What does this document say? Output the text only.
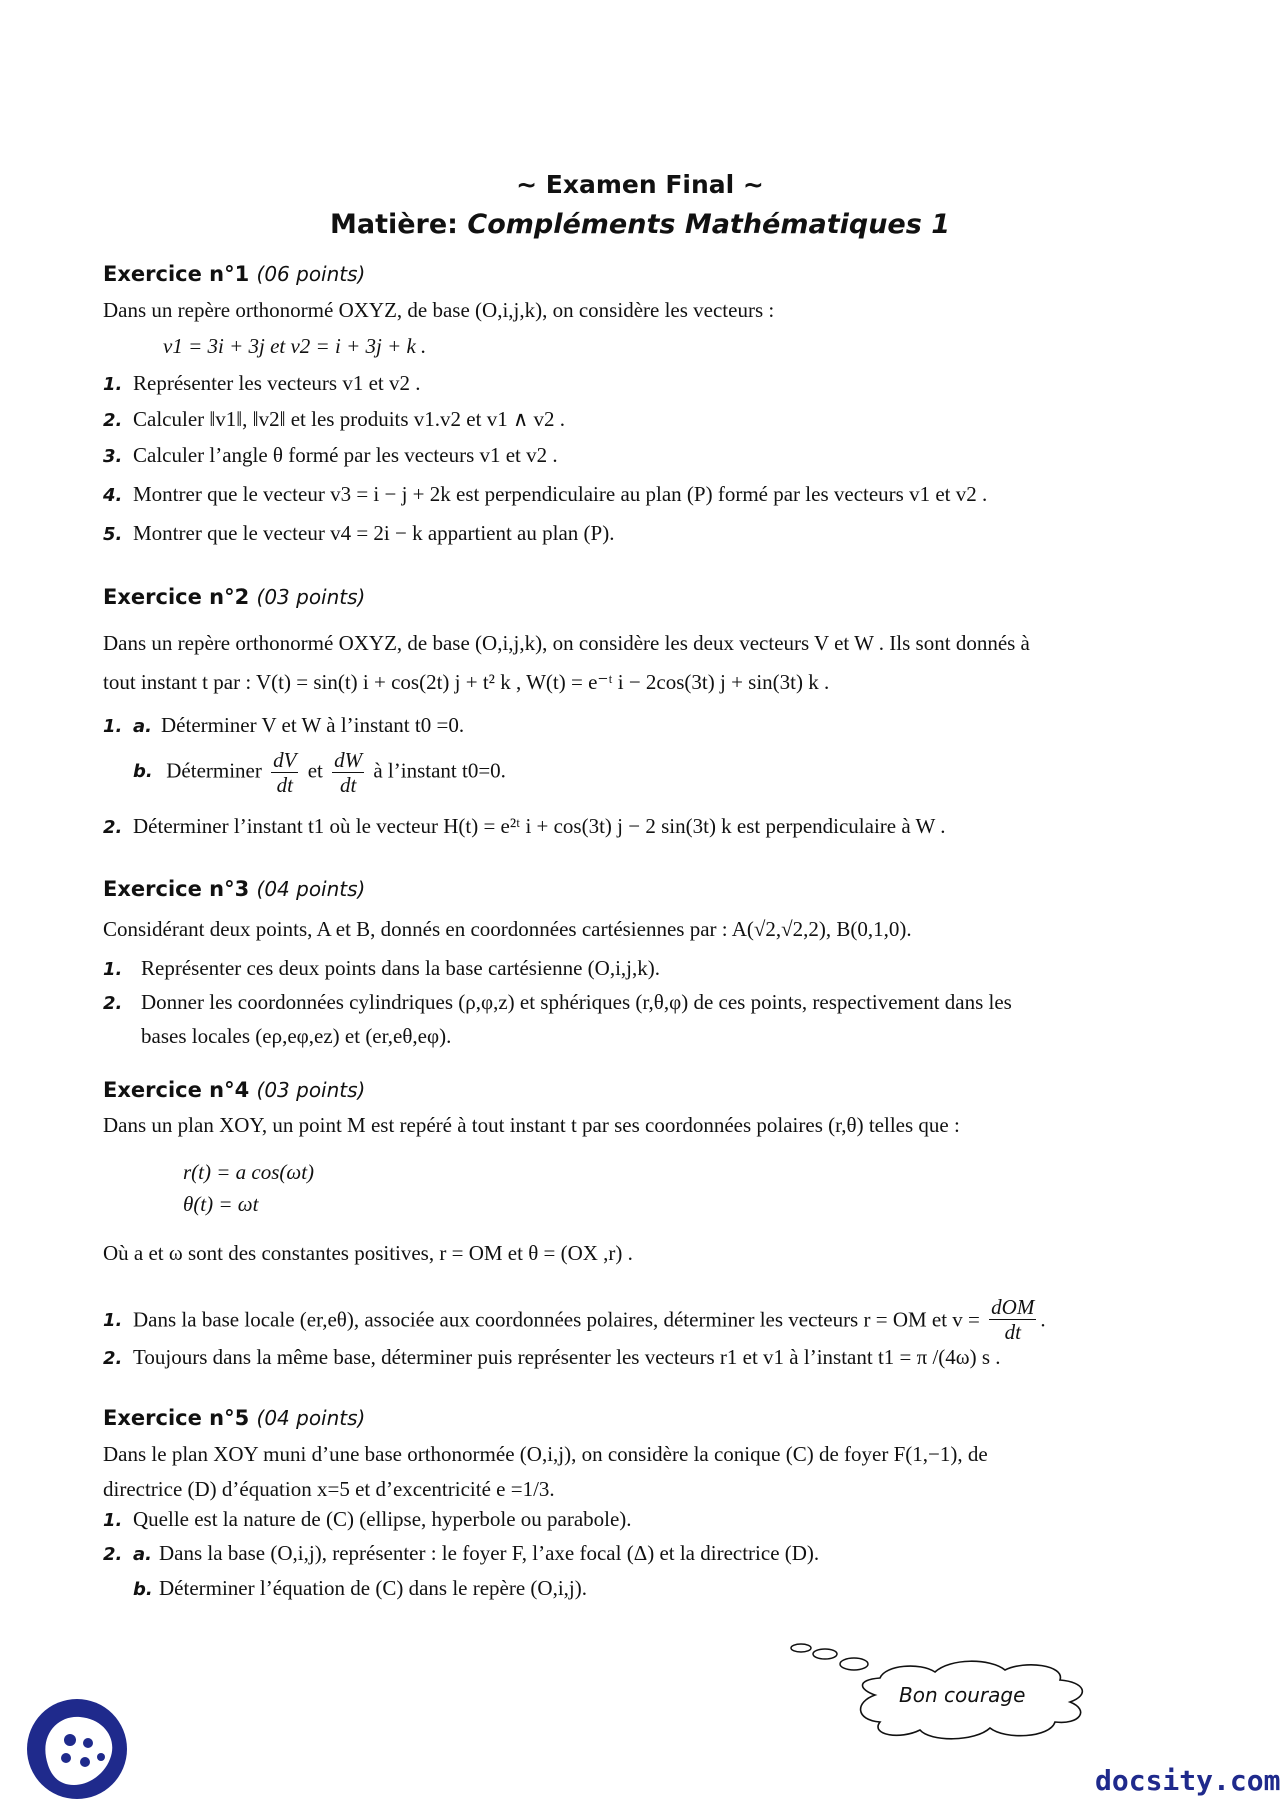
~ Examen Final ~
Matière: Compléments Mathématiques 1
Exercice n°1 (06 points)
Dans un repère orthonormé OXYZ, de base (O,i,j,k), on considère les vecteurs :
v1 = 3i + 3j et v2 = i + 3j + k .
1. Représenter les vecteurs v1 et v2 .
2. Calculer ‖v1‖, ‖v2‖ et les produits v1.v2 et v1 ∧ v2 .
3. Calculer l’angle θ formé par les vecteurs v1 et v2 .
4. Montrer que le vecteur v3 = i − j + 2k est perpendiculaire au plan (P) formé par les vecteurs v1 et v2 .
5. Montrer que le vecteur v4 = 2i − k appartient au plan (P).
Exercice n°2 (03 points)
Dans un repère orthonormé OXYZ, de base (O,i,j,k), on considère les deux vecteurs V et W . Ils sont donnés à
tout instant t par : V(t) = sin(t) i + cos(2t) j + t² k , W(t) = e⁻ᵗ i − 2cos(3t) j + sin(3t) k .
1. a. Déterminer V et W à l’instant t0 =0.
b. Déterminer $\frac{dV}{dt}$ et $\frac{dW}{dt}$ à l’instant t0=0.
2. Déterminer l’instant t1 où le vecteur H(t) = e²ᵗ i + cos(3t) j − 2 sin(3t) k est perpendiculaire à W .
Exercice n°3 (04 points)
Considérant deux points, A et B, donnés en coordonnées cartésiennes par : A(√2,√2,2), B(0,1,0).
1. Représenter ces deux points dans la base cartésienne (O,i,j,k).
2. Donner les coordonnées cylindriques (ρ,φ,z) et sphériques (r,θ,φ) de ces points, respectivement dans les
bases locales (eρ,eφ,ez) et (er,eθ,eφ).
Exercice n°4 (03 points)
Dans un plan XOY, un point M est repéré à tout instant t par ses coordonnées polaires (r,θ) telles que :
r(t) = a cos(ωt)
θ(t) = ωt
Où a et ω sont des constantes positives, r = OM et θ = (OX ,r) .
1. Dans la base locale (er,eθ), associée aux coordonnées polaires, déterminer les vecteurs r = OM et $v = \frac{\text{dOM}}{dt}$ .
2. Toujours dans la même base, déterminer puis représenter les vecteurs r1 et v1 à l’instant t1 = π /(4ω) s .
Exercice n°5 (04 points)
Dans le plan XOY muni d’une base orthonormée (O,i,j), on considère la conique (C) de foyer F(1,−1), de
directrice (D) d’équation x=5 et d’excentricité e =1/3.
1. Quelle est la nature de (C) (ellipse, hyperbole ou parabole).
2. a. Dans la base (O,i,j), représenter : le foyer F, l’axe focal (Δ) et la directrice (D).
b. Déterminer l’équation de (C) dans le repère (O,i,j).
Bon courage
docsity.com
